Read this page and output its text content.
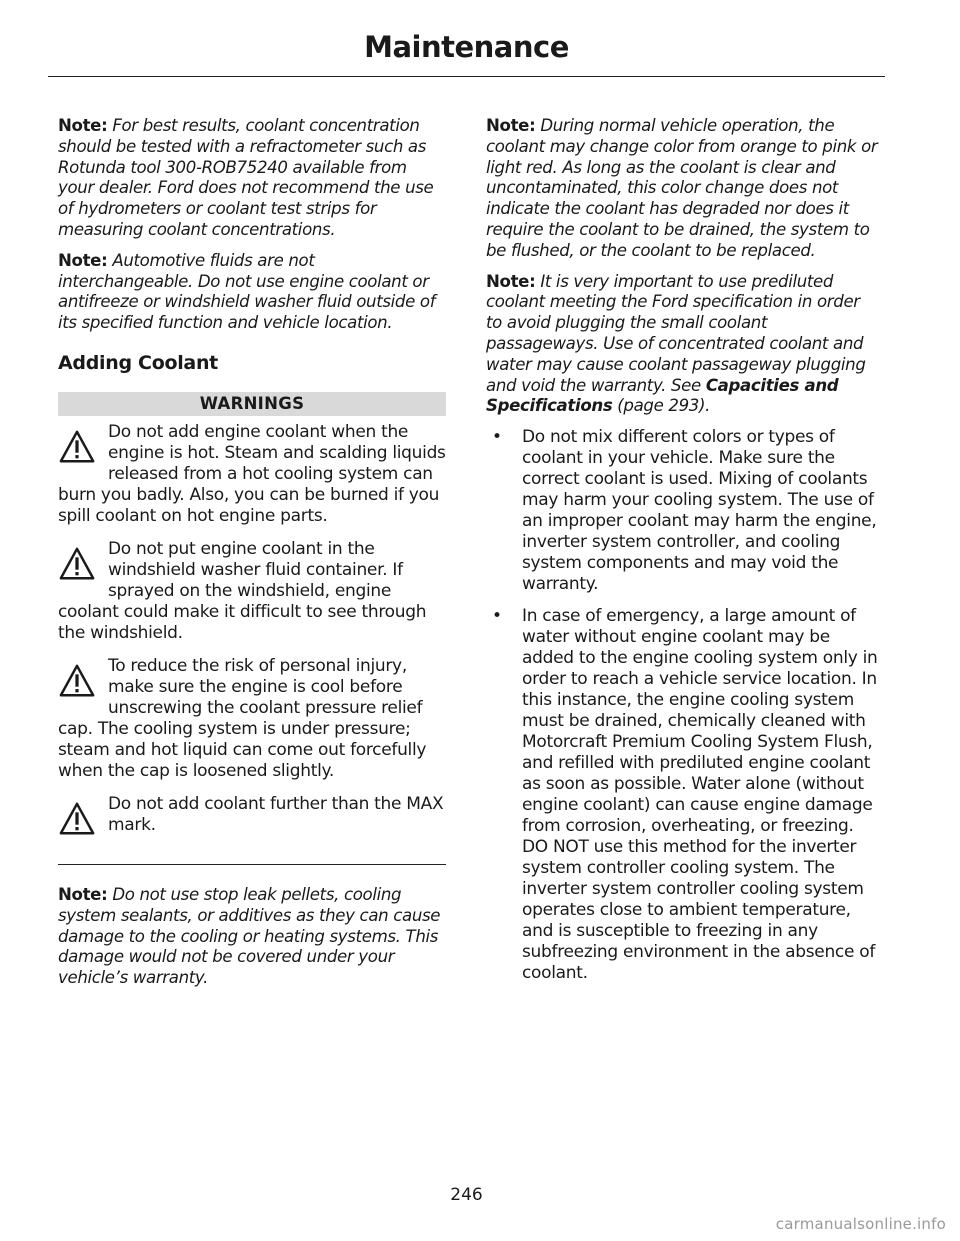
Maintenance

Note: For best results, coolant concentration should be tested with a refractometer such as Rotunda tool 300-ROB75240 available from your dealer. Ford does not recommend the use of hydrometers or coolant test strips for measuring coolant concentrations.

Note: Automotive fluids are not interchangeable. Do not use engine coolant or antifreeze or windshield washer fluid outside of its specified function and vehicle location.

Adding Coolant
WARNINGS

Do not add engine coolant when the engine is hot. Steam and scalding liquids released from a hot cooling system can burn you badly. Also, you can be burned if you spill coolant on hot engine parts.

Do not put engine coolant in the windshield washer fluid container. If sprayed on the windshield, engine coolant could make it difficult to see through the windshield.

To reduce the risk of personal injury, make sure the engine is cool before unscrewing the coolant pressure relief cap. The cooling system is under pressure; steam and hot liquid can come out forcefully when the cap is loosened slightly.

Do not add coolant further than the MAX mark.

Note: Do not use stop leak pellets, cooling system sealants, or additives as they can cause damage to the cooling or heating systems. This damage would not be covered under your vehicle’s warranty.

Note: During normal vehicle operation, the coolant may change color from orange to pink or light red. As long as the coolant is clear and uncontaminated, this color change does not indicate the coolant has degraded nor does it require the coolant to be drained, the system to be flushed, or the coolant to be replaced.

Note: It is very important to use prediluted coolant meeting the Ford specification in order to avoid plugging the small coolant passageways. Use of concentrated coolant and water may cause coolant passageway plugging and void the warranty. See Capacities and Specifications (page 293).

• Do not mix different colors or types of coolant in your vehicle. Make sure the correct coolant is used. Mixing of coolants may harm your cooling system. The use of an improper coolant may harm the engine, inverter system controller, and cooling system components and may void the warranty.
• In case of emergency, a large amount of water without engine coolant may be added to the engine cooling system only in order to reach a vehicle service location. In this instance, the engine cooling system must be drained, chemically cleaned with Motorcraft Premium Cooling System Flush, and refilled with prediluted engine coolant as soon as possible. Water alone (without engine coolant) can cause engine damage from corrosion, overheating, or freezing. DO NOT use this method for the inverter system controller cooling system. The inverter system controller cooling system operates close to ambient temperature, and is susceptible to freezing in any subfreezing environment in the absence of coolant.
246
carmanualsonline.info
